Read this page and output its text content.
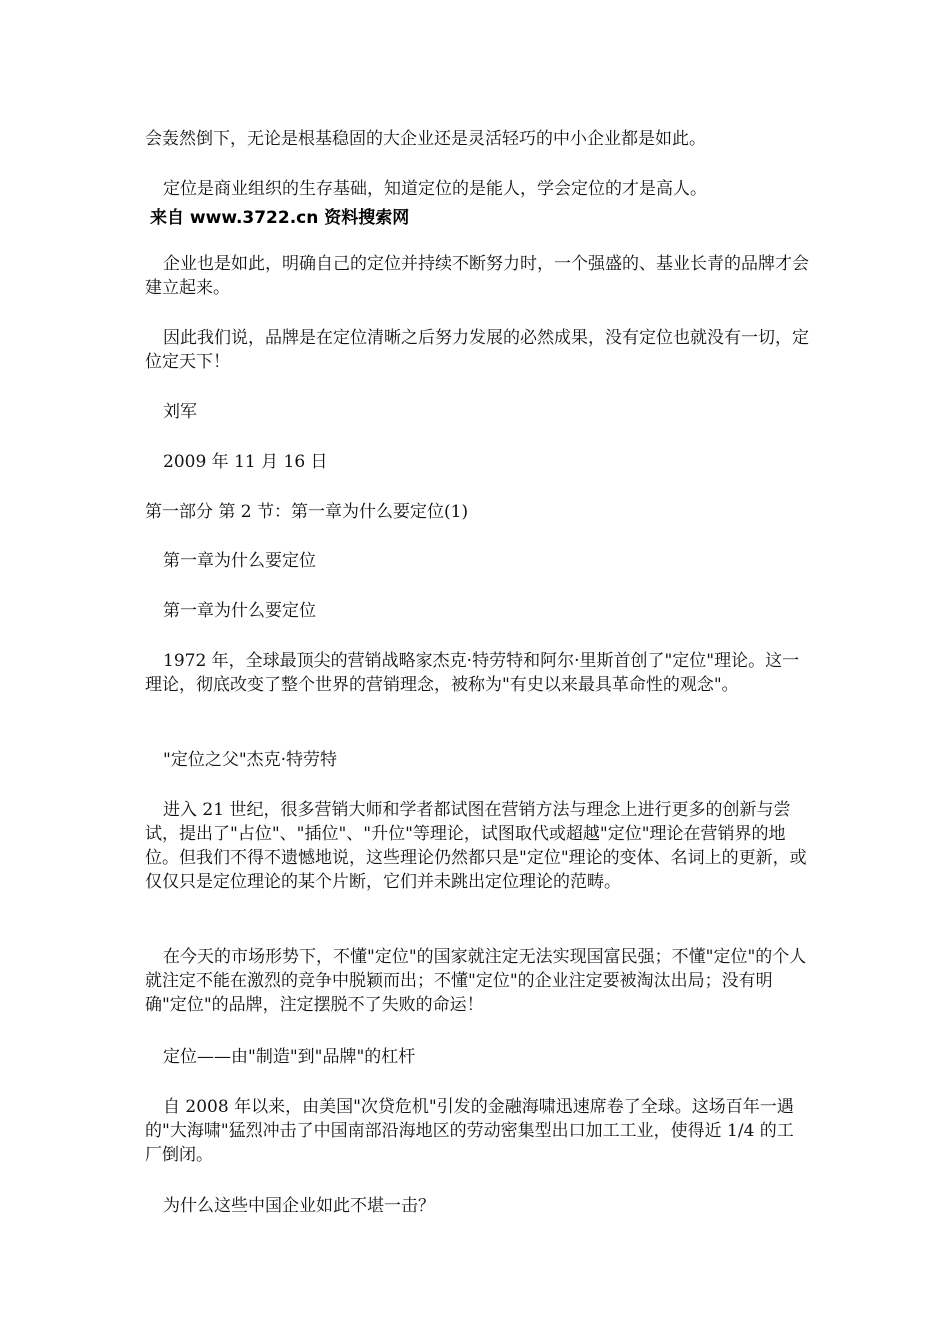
会轰然倒下，无论是根基稳固的大企业还是灵活轻巧的中小企业都是如此。

定位是商业组织的生存基础，知道定位的是能人，学会定位的才是高人。

来自 www.3722.cn 资料搜索网

企业也是如此，明确自己的定位并持续不断努力时，一个强盛的、基业长青的品牌才会建立起来。

因此我们说，品牌是在定位清晰之后努力发展的必然成果，没有定位也就没有一切，定位定天下！

刘军

2009 年 11 月 16 日

第一部分 第 2 节：第一章为什么要定位(1)

第一章为什么要定位

第一章为什么要定位

1972 年，全球最顶尖的营销战略家杰克·特劳特和阿尔·里斯首创了"定位"理论。这一理论，彻底改变了整个世界的营销理念，被称为"有史以来最具革命性的观念"。

"定位之父"杰克·特劳特

进入 21 世纪，很多营销大师和学者都试图在营销方法与理念上进行更多的创新与尝试，提出了"占位"、"插位"、"升位"等理论，试图取代或超越"定位"理论在营销界的地位。但我们不得不遗憾地说，这些理论仍然都只是"定位"理论的变体、名词上的更新，或仅仅只是定位理论的某个片断，它们并未跳出定位理论的范畴。

在今天的市场形势下，不懂"定位"的国家就注定无法实现国富民强；不懂"定位"的个人就注定不能在激烈的竞争中脱颖而出；不懂"定位"的企业注定要被淘汰出局；没有明确"定位"的品牌，注定摆脱不了失败的命运！

定位——由"制造"到"品牌"的杠杆

自 2008 年以来，由美国"次贷危机"引发的金融海啸迅速席卷了全球。这场百年一遇的"大海啸"猛烈冲击了中国南部沿海地区的劳动密集型出口加工工业，使得近 1/4 的工厂倒闭。

为什么这些中国企业如此不堪一击？
